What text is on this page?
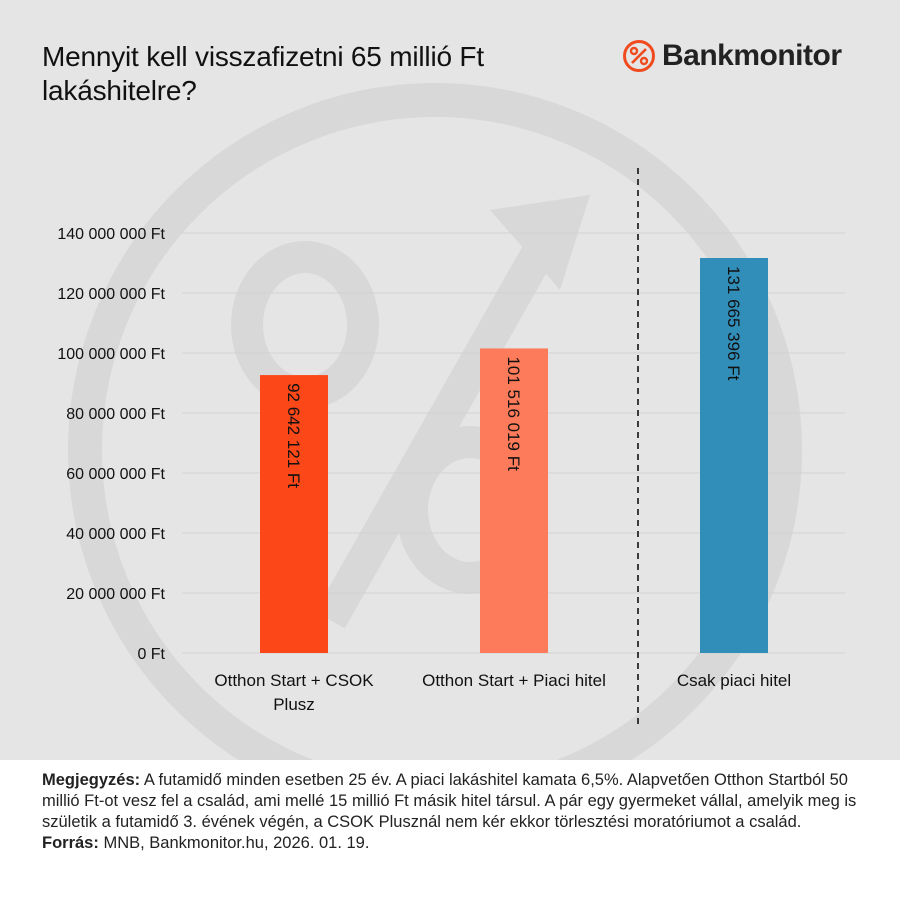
Mennyit kell visszafizetni 65 millió Ft lakáshitelre?
Bankmonitor
0 Ft
20 000 000 Ft
40 000 000 Ft
60 000 000 Ft
80 000 000 Ft
100 000 000 Ft
120 000 000 Ft
140 000 000 Ft
92 642 121 Ft
Otthon Start + CSOK Plusz
101 516 019 Ft
Otthon Start + Piaci hitel
131 665 396 Ft
Csak piaci hitel
Megjegyzés: A futamidő minden esetben 25 év. A piaci lakáshitel kamata 6,5%. Alapvetően Otthon Startból 50 millió Ft-ot vesz fel a család, ami mellé 15 millió Ft másik hitel társul. A pár egy gyermeket vállal, amelyik meg is születik a futamidő 3. évének végén, a CSOK Plusznál nem kér ekkor törlesztési moratóriumot a család.
Forrás: MNB, Bankmonitor.hu, 2026. 01. 19.
